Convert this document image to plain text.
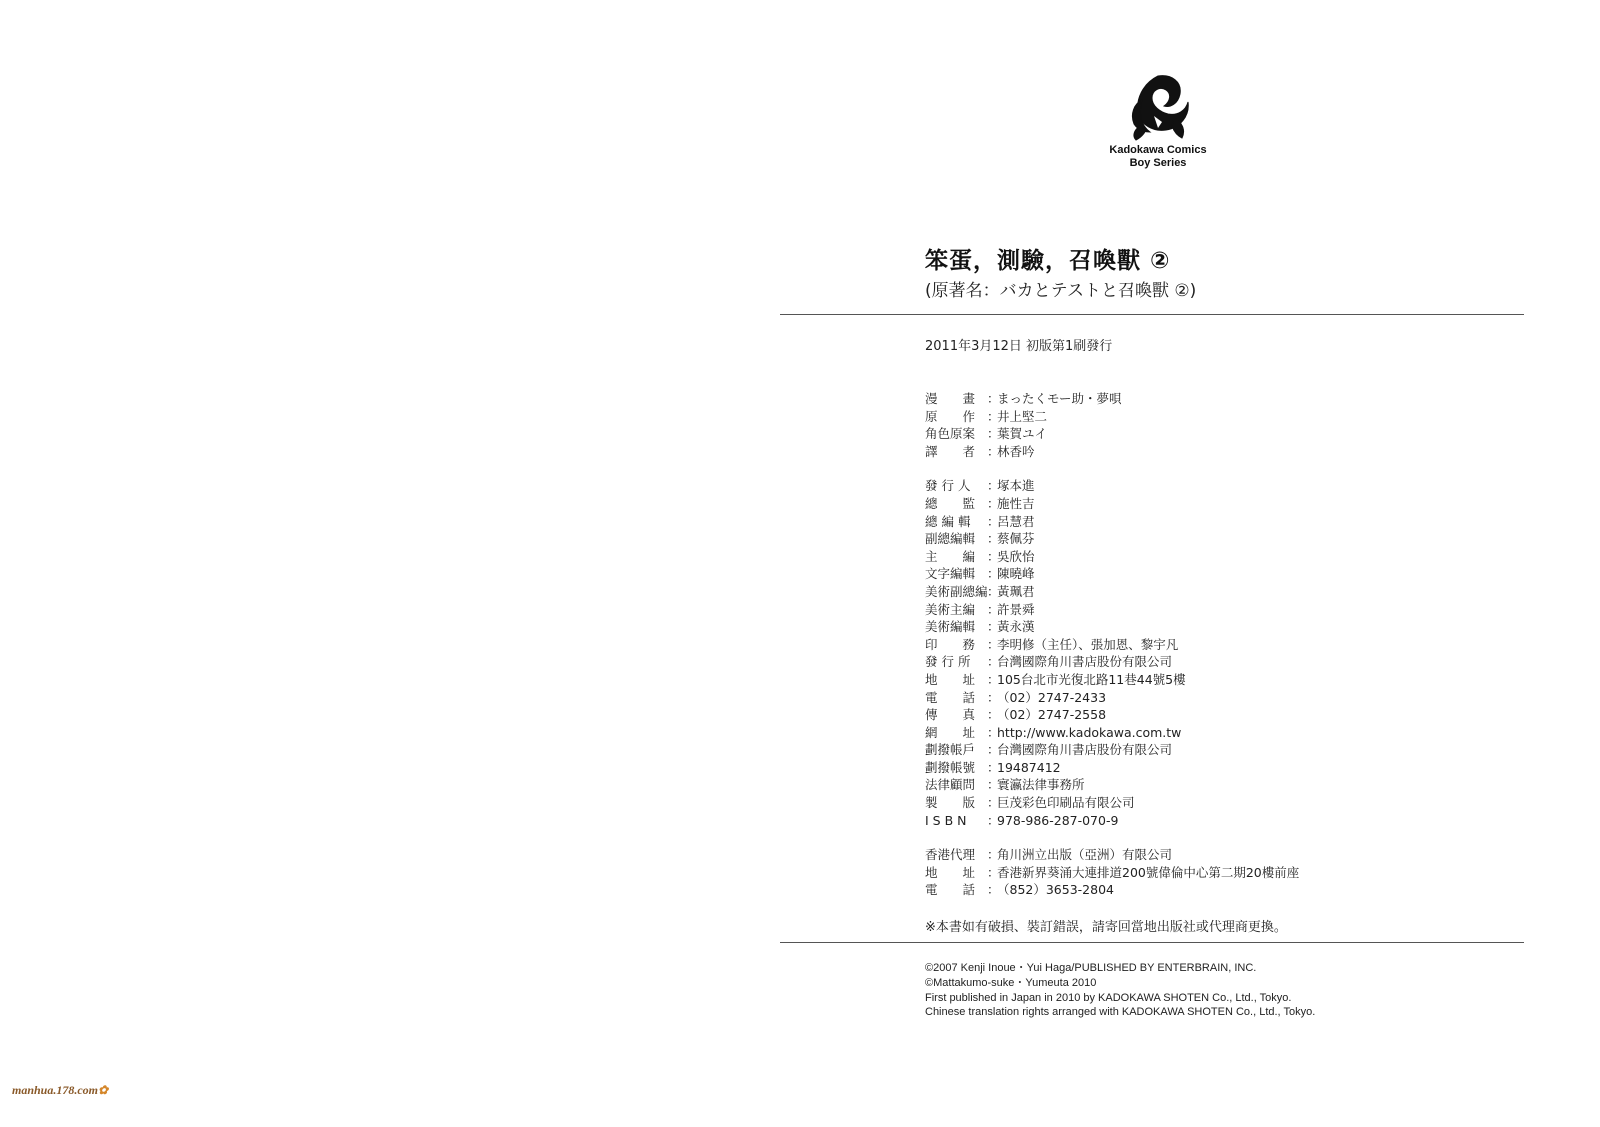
Kadokawa Comics
Boy Series
笨蛋，測驗，召喚獸 ②
(原著名：バカとテストと召喚獸 ②)
2011年3月12日 初版第1刷發行
漫　　畫 ：
まったくモー助・夢唄
原　　作 ：
井上堅二
角色原案 ：
葉賀ユイ
譯　　者 ：
林香吟
發 行 人	：
塚本進
總　　監 ：
施性吉
總 編 輯	：
呂慧君
副總編輯 ：
蔡佩芬
主　　編 ：
吳欣怡
文字編輯 ：
陳曉峰
美術副總編 ：
黃珮君
美術主編 ：
許景舜
美術編輯 ：
黃永漢
印　　務 ：
李明修（主任）、張加恩、黎宇凡
發 行 所	：
台灣國際角川書店股份有限公司
地　　址 ：
105台北市光復北路11巷44號5樓
電　　話 ：
（02）2747-2433
傳　　真 ：
（02）2747-2558
網　　址 ：
http://www.kadokawa.com.tw
劃撥帳戶 ：
台灣國際角川書店股份有限公司
劃撥帳號 ：
19487412
法律顧問 ：
寰瀛法律事務所
製　　版 ：
巨茂彩色印刷品有限公司
I S B N	：
978-986-287-070-9
香港代理 ：
角川洲立出版（亞洲）有限公司
地　　址 ：
香港新界葵涌大連排道200號偉倫中心第二期20樓前座
電　　話 ：
（852）3653-2804
※本書如有破損、裝訂錯誤，請寄回當地出版社或代理商更換。
©2007 Kenji Inoue・Yui Haga/PUBLISHED BY ENTERBRAIN, INC.
©Mattakumo-suke・Yumeuta 2010
First published in Japan in 2010 by KADOKAWA SHOTEN Co., Ltd., Tokyo.
Chinese translation rights arranged with KADOKAWA SHOTEN Co., Ltd., Tokyo.
manhua.178.com✿
